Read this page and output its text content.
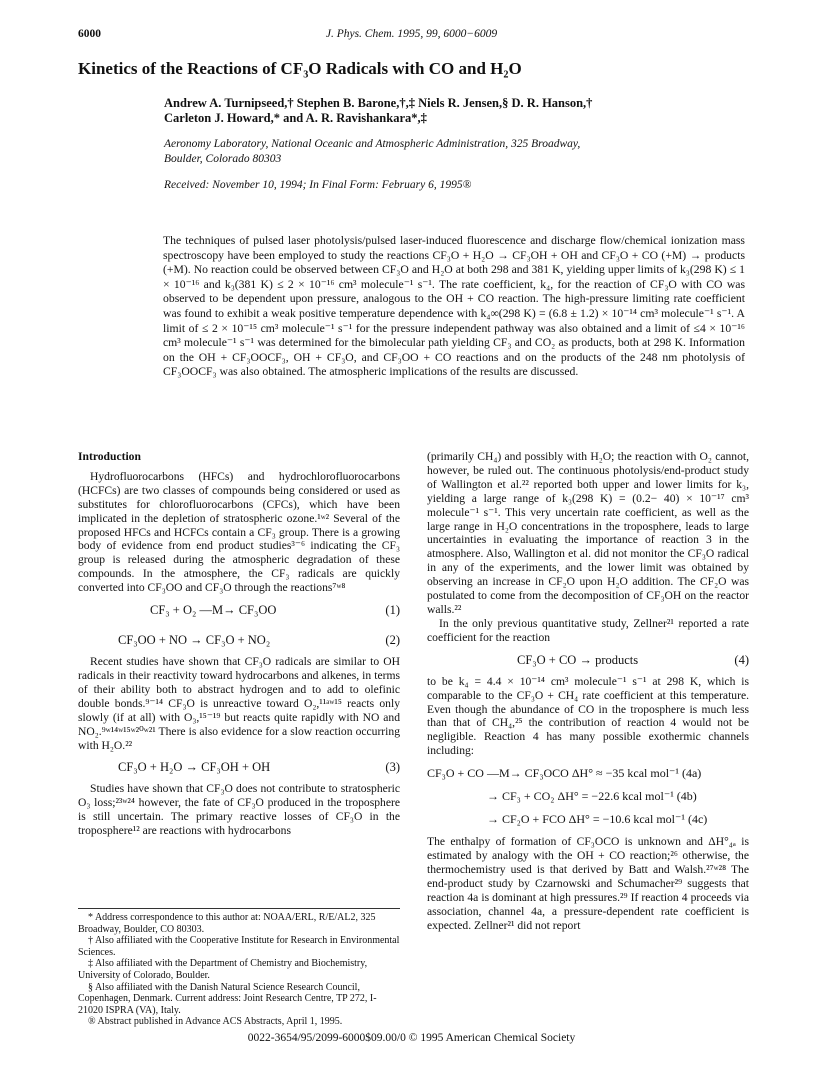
6000	J. Phys. Chem. 1995, 99, 6000−6009
Kinetics of the Reactions of CF₃O Radicals with CO and H₂O
Andrew A. Turnipseed,† Stephen B. Barone,†,‡ Niels R. Jensen,§ D. R. Hanson,†
Carleton J. Howard,* and A. R. Ravishankara*,‡
Aeronomy Laboratory, National Oceanic and Atmospheric Administration, 325 Broadway,
Boulder, Colorado 80303
Received: November 10, 1994; In Final Form: February 6, 1995®
The techniques of pulsed laser photolysis/pulsed laser-induced fluorescence and discharge flow/chemical ionization mass spectroscopy have been employed to study the reactions CF₃O + H₂O → CF₃OH + OH and CF₃O + CO (+M) → products (+M). No reaction could be observed between CF₃O and H₂O at both 298 and 381 K, yielding upper limits of k₃(298 K) ≤ 1 × 10⁻¹⁶ and k₃(381 K) ≤ 2 × 10⁻¹⁶ cm³ molecule⁻¹ s⁻¹. The rate coefficient, k₄, for the reaction of CF₃O with CO was observed to be dependent upon pressure, analogous to the OH + CO reaction. The high-pressure limiting rate coefficient was found to exhibit a weak positive temperature dependence with k₄∞(298 K) = (6.8 ± 1.2) × 10⁻¹⁴ cm³ molecule⁻¹ s⁻¹. A limit of ≤ 2 × 10⁻¹⁵ cm³ molecule⁻¹ s⁻¹ for the pressure independent pathway was also obtained and a limit of ≤4 × 10⁻¹⁶ cm³ molecule⁻¹ s⁻¹ was determined for the bimolecular path yielding CF₃ and CO₂ as products, both at 298 K. Information on the OH + CF₃OOCF₃, OH + CF₃O, and CF₃OO + CO reactions and on the products of the 248 nm photolysis of CF₃OOCF₃ was also obtained. The atmospheric implications of the results are discussed.
Introduction

Hydrofluorocarbons (HFCs) and hydrochlorofluorocarbons (HCFCs) are two classes of compounds being considered or used as substitutes for chlorofluorocarbons (CFCs), which have been implicated in the depletion of stratospheric ozone.¹ʷ² Several of the proposed HFCs and HCFCs contain a CF₃ group. There is a growing body of evidence from end product studies³⁻⁶ indicating the CF₃ group is released during the atmospheric degradation of these compounds. In the atmosphere, the CF₃ radicals are quickly converted into CF₃OO and CF₃O through the reactions⁷ʷ⁸

CF₃ + O₂ —M→ CF₃OO	(1)
CF₃OO + NO → CF₃O + NO₂	(2)

Recent studies have shown that CF₃O radicals are similar to OH radicals in their reactivity toward hydrocarbons and alkenes, in terms of their ability both to abstract hydrogen and to add to olefinic double bonds.⁹⁻¹⁴ CF₃O is unreactive toward O₂,¹¹ᵃʷ¹⁵ reacts only slowly (if at all) with O₃,¹⁵⁻¹⁹ but reacts quite rapidly with NO and NO₂.⁹ʷ¹⁴ʷ¹⁵ʷ²⁰ʷ²¹ There is also evidence for a slow reaction occurring with H₂O.²²

CF₃O + H₂O → CF₃OH + OH	(3)

Studies have shown that CF₃O does not contribute to stratospheric O₃ loss;²³ʷ²⁴ however, the fate of CF₃O produced in the troposphere is still uncertain. The primary reactive losses of CF₃O in the troposphere¹² are reactions with hydrocarbons

(primarily CH₄) and possibly with H₂O; the reaction with O₂ cannot, however, be ruled out. The continuous photolysis/end-product study of Wallington et al.²² reported both upper and lower limits for k₃, yielding a large range of k₃(298 K) = (0.2− 40) × 10⁻¹⁷ cm³ molecule⁻¹ s⁻¹. This very uncertain rate coefficient, as well as the large range in H₂O concentrations in the troposphere, leads to large uncertainties in evaluating the importance of reaction 3 in the atmosphere. Also, Wallington et al. did not monitor the CF₃O radical in any of the experiments, and the lower limit was obtained by observing an increase in CF₂O upon H₂O addition. The CF₂O was postulated to come from the decomposition of CF₃OH on the reactor walls.²²

In the only previous quantitative study, Zellner²¹ reported a rate coefficient for the reaction

CF₃O + CO → products	(4)

to be k₄ = 4.4 × 10⁻¹⁴ cm³ molecule⁻¹ s⁻¹ at 298 K, which is comparable to the CF₃O + CH₄ rate coefficient at this temperature. Even though the abundance of CO in the troposphere is much less than that of CH₄,²⁵ the contribution of reaction 4 would not be negligible. Reaction 4 has many possible exothermic channels including:

CF₃O + CO —M→ CF₃OCO ΔH° ≈ −35 kcal mol⁻¹ (4a)
→ CF₃ + CO₂ ΔH° = −22.6 kcal mol⁻¹ (4b)
→ CF₂O + FCO ΔH° = −10.6 kcal mol⁻¹ (4c)

The enthalpy of formation of CF₃OCO is unknown and ΔH°₄ₐ is estimated by analogy with the OH + CO reaction;²⁶ otherwise, the thermochemistry used is that derived by Batt and Walsh.²⁷ʷ²⁸ The end-product study by Czarnowski and Schumacher²⁹ suggests that reaction 4a is dominant at high pressures.²⁹ If reaction 4 proceeds via association, channel 4a, a pressure-dependent rate coefficient is expected. Zellner²¹ did not report

* Address correspondence to this author at: NOAA/ERL, R/E/AL2, 325 Broadway, Boulder, CO 80303.
† Also affiliated with the Cooperative Institute for Research in Environmental Sciences.
‡ Also affiliated with the Department of Chemistry and Biochemistry, University of Colorado, Boulder.
§ Also affiliated with the Danish Natural Science Research Council, Copenhagen, Denmark. Current address: Joint Research Centre, TP 272, I-21020 ISPRA (VA), Italy.
® Abstract published in Advance ACS Abstracts, April 1, 1995.
0022-3654/95/2099-6000$09.00/0 © 1995 American Chemical Society
